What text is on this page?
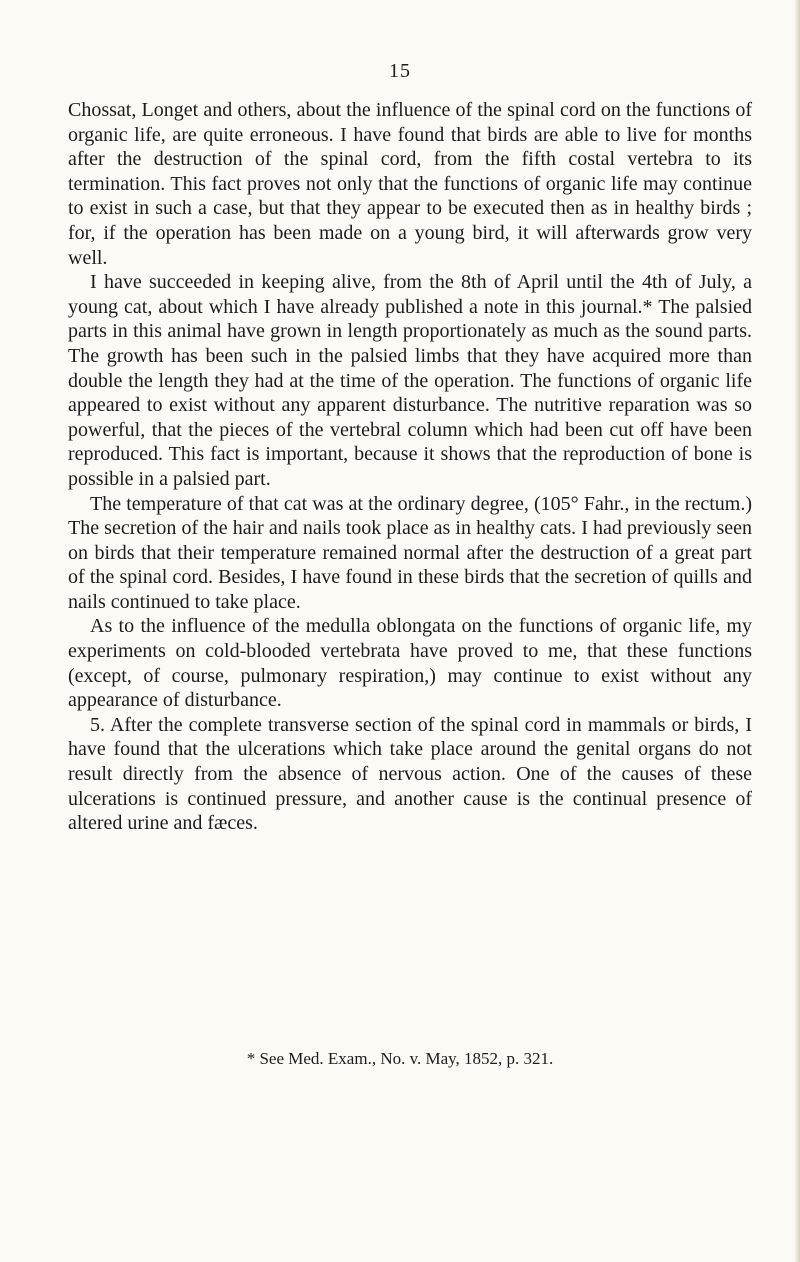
15

Chossat, Longet and others, about the influence of the spinal cord on the functions of organic life, are quite erroneous. I have found that birds are able to live for months after the destruction of the spinal cord, from the fifth costal vertebra to its termination. This fact proves not only that the functions of organic life may continue to exist in such a case, but that they appear to be executed then as in healthy birds ; for, if the operation has been made on a young bird, it will afterwards grow very well.

I have succeeded in keeping alive, from the 8th of April until the 4th of July, a young cat, about which I have already published a note in this journal.* The palsied parts in this animal have grown in length proportionately as much as the sound parts. The growth has been such in the palsied limbs that they have acquired more than double the length they had at the time of the operation. The functions of organic life appeared to exist without any apparent disturbance. The nutritive reparation was so powerful, that the pieces of the vertebral column which had been cut off have been reproduced. This fact is important, because it shows that the reproduction of bone is possible in a palsied part.

The temperature of that cat was at the ordinary degree, (105° Fahr., in the rectum.) The secretion of the hair and nails took place as in healthy cats. I had previously seen on birds that their temperature remained normal after the destruction of a great part of the spinal cord. Besides, I have found in these birds that the secretion of quills and nails continued to take place.

As to the influence of the medulla oblongata on the functions of organic life, my experiments on cold-blooded vertebrata have proved to me, that these functions (except, of course, pulmonary respiration,) may continue to exist without any appearance of disturbance.

5. After the complete transverse section of the spinal cord in mammals or birds, I have found that the ulcerations which take place around the genital organs do not result directly from the absence of nervous action. One of the causes of these ulcerations is continued pressure, and another cause is the continual presence of altered urine and fæces.

* See Med. Exam., No. v. May, 1852, p. 321.
